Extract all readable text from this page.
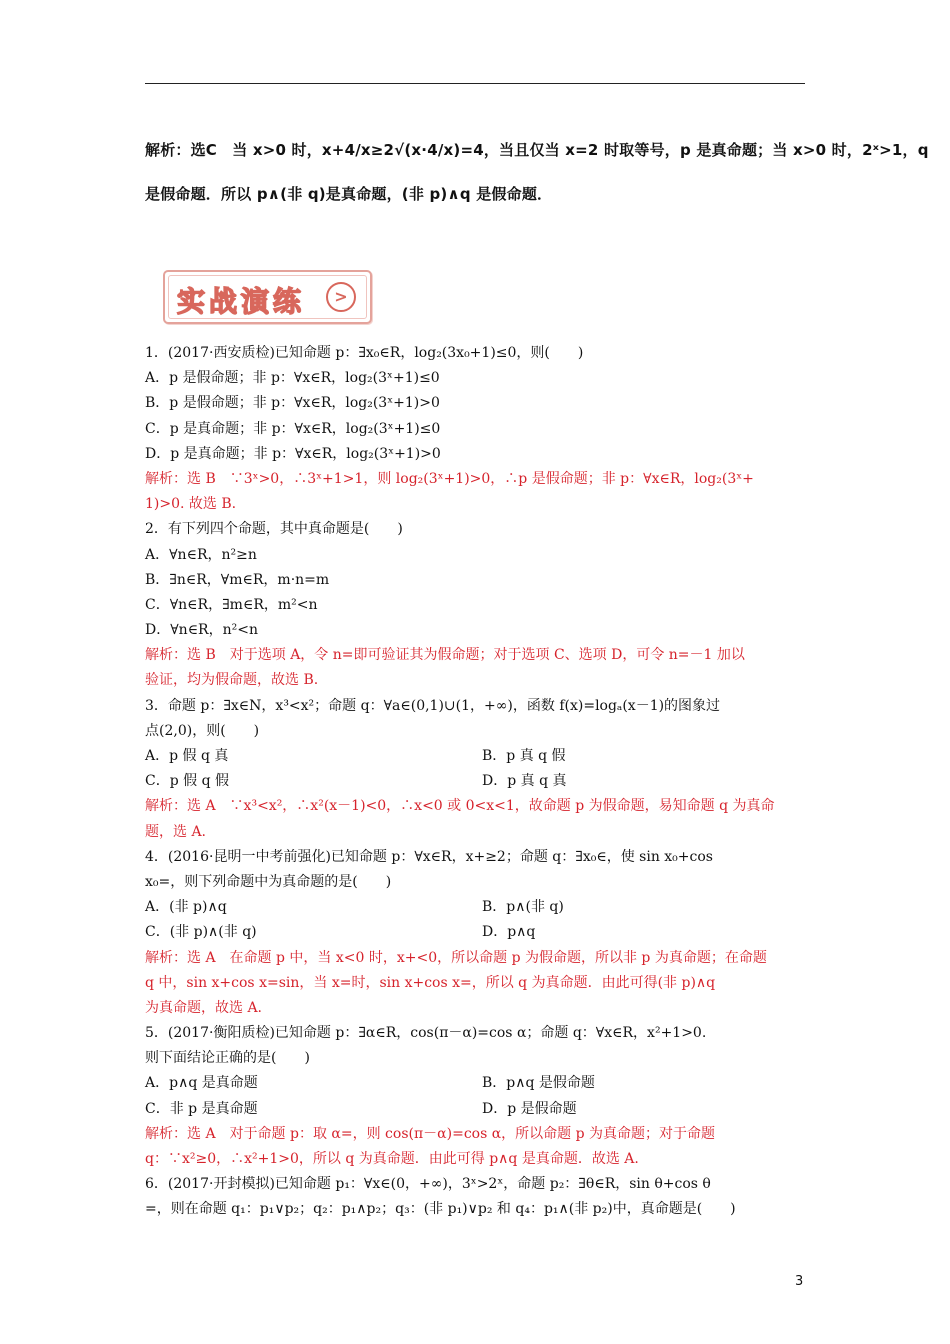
解析：选C　当 x>0 时，x+4/x≥2√(x·4/x)=4，当且仅当 x=2 时取等号，p 是真命题；当 x>0 时，2ˣ>1，q
是假命题．所以 p∧(非 q)是真命题，(非 p)∧q 是假命题．
实战演练	>
1．(2017·西安质检)已知命题 p：∃x₀∈R，log₂(3x₀+1)≤0，则(　　)
A．p 是假命题；非 p：∀x∈R，log₂(3ˣ+1)≤0
B．p 是假命题；非 p：∀x∈R，log₂(3ˣ+1)>0
C．p 是真命题；非 p：∀x∈R，log₂(3ˣ+1)≤0
D．p 是真命题；非 p：∀x∈R，log₂(3ˣ+1)>0
解析：选 B　∵3ˣ>0，∴3ˣ+1>1，则 log₂(3ˣ+1)>0，∴p 是假命题；非 p：∀x∈R，log₂(3ˣ+
1)>0. 故选 B.
2．有下列四个命题，其中真命题是(　　)
A．∀n∈R，n²≥n
B．∃n∈R，∀m∈R，m·n=m
C．∀n∈R，∃m∈R，m²<n
D．∀n∈R，n²<n
解析：选 B　对于选项 A，令 n=即可验证其为假命题；对于选项 C、选项 D，可令 n=－1 加以
验证，均为假命题，故选 B.
3．命题 p：∃x∈N，x³<x²；命题 q：∀a∈(0,1)∪(1，+∞)，函数 f(x)=logₐ(x－1)的图象过
点(2,0)，则(　　)
A．p 假 q 真	B．p 真 q 假
C．p 假 q 假	D．p 真 q 真
解析：选 A　∵x³<x²，∴x²(x－1)<0，∴x<0 或 0<x<1，故命题 p 为假命题，易知命题 q 为真命
题，选 A.
4．(2016·昆明一中考前强化)已知命题 p：∀x∈R，x+≥2；命题 q：∃x₀∈，使 sin x₀+cos
x₀=，则下列命题中为真命题的是(　　)
A．(非 p)∧q	B．p∧(非 q)
C．(非 p)∧(非 q)	D．p∧q
解析：选 A　在命题 p 中，当 x<0 时，x+<0，所以命题 p 为假命题，所以非 p 为真命题；在命题
q 中，sin x+cos x=sin，当 x=时，sin x+cos x=，所以 q 为真命题．由此可得(非 p)∧q
为真命题，故选 A.
5．(2017·衡阳质检)已知命题 p：∃α∈R，cos(π－α)=cos α；命题 q：∀x∈R，x²+1>0.
则下面结论正确的是(　　)
A．p∧q 是真命题	B．p∧q 是假命题
C．非 p 是真命题	D．p 是假命题
解析：选 A　对于命题 p：取 α=，则 cos(π－α)=cos α，所以命题 p 为真命题；对于命题
q：∵x²≥0，∴x²+1>0，所以 q 为真命题．由此可得 p∧q 是真命题．故选 A.
6．(2017·开封模拟)已知命题 p₁：∀x∈(0，+∞)，3ˣ>2ˣ，命题 p₂：∃θ∈R，sin θ+cos θ
=，则在命题 q₁：p₁∨p₂；q₂：p₁∧p₂；q₃：(非 p₁)∨p₂ 和 q₄：p₁∧(非 p₂)中，真命题是(　　)
3
